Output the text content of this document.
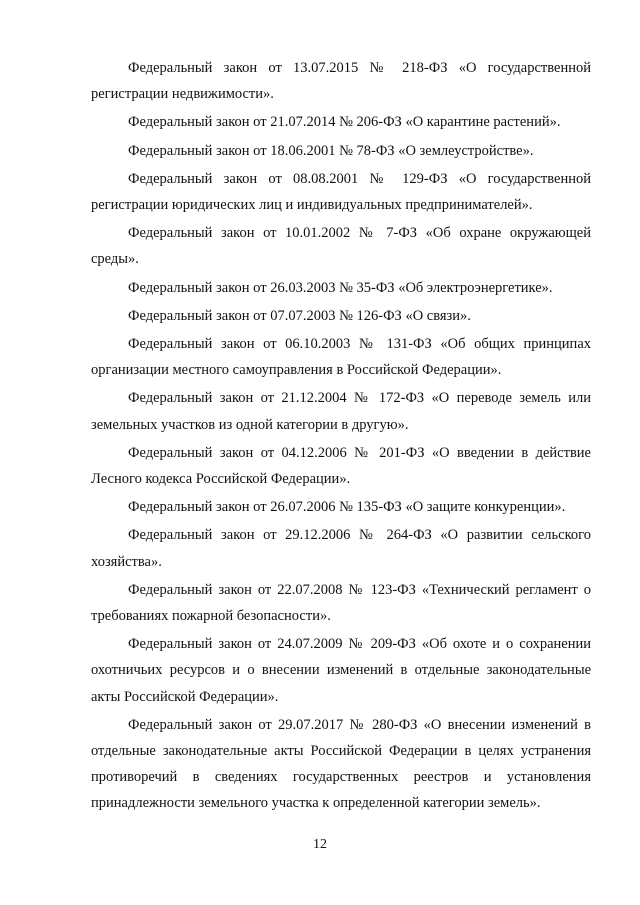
Федеральный закон от 13.07.2015 № 218-ФЗ «О государственной регистрации недвижимости».

Федеральный закон от 21.07.2014 № 206-ФЗ «О карантине растений».

Федеральный закон от 18.06.2001 № 78-ФЗ «О землеустройстве».

Федеральный закон от 08.08.2001 № 129-ФЗ «О государственной регистрации юридических лиц и индивидуальных предпринимателей».

Федеральный закон от 10.01.2002 № 7-ФЗ «Об охране окружающей среды».

Федеральный закон от 26.03.2003 № 35-ФЗ «Об электроэнергетике».

Федеральный закон от 07.07.2003 № 126-ФЗ «О связи».

Федеральный закон от 06.10.2003 № 131-ФЗ «Об общих принципах организации местного самоуправления в Российской Федерации».

Федеральный закон от 21.12.2004 № 172-ФЗ «О переводе земель или земельных участков из одной категории в другую».

Федеральный закон от 04.12.2006 № 201-ФЗ «О введении в действие Лесного кодекса Российской Федерации».

Федеральный закон от 26.07.2006 № 135-ФЗ «О защите конкуренции».

Федеральный закон от 29.12.2006 № 264-ФЗ «О развитии сельского хозяйства».

Федеральный закон от 22.07.2008 № 123-ФЗ «Технический регламент о требованиях пожарной безопасности».

Федеральный закон от 24.07.2009 № 209-ФЗ «Об охоте и о сохранении охотничьих ресурсов и о внесении изменений в отдельные законодательные акты Российской Федерации».

Федеральный закон от 29.07.2017 № 280-ФЗ «О внесении изменений в отдельные законодательные акты Российской Федерации в целях устранения противоречий в сведениях государственных реестров и установления принадлежности земельного участка к определенной категории земель».

12
